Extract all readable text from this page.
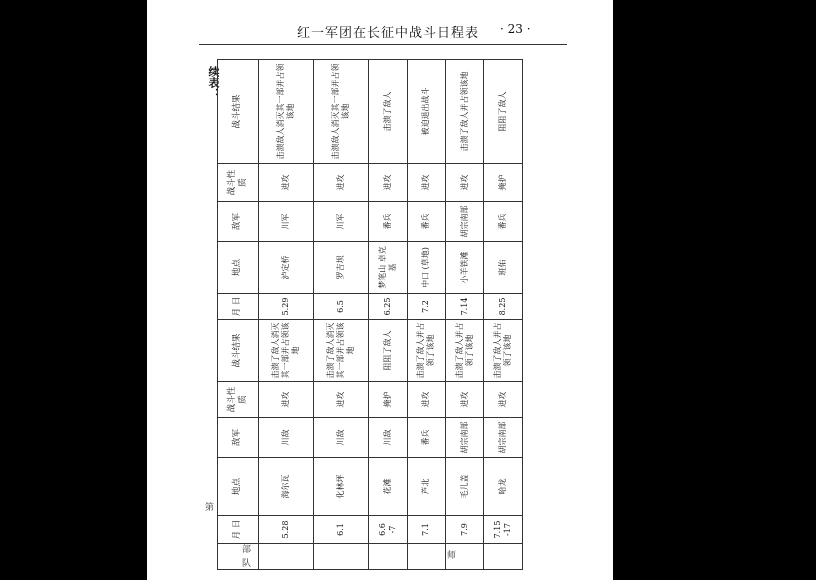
红一军团在长征中战斗日程表 · 23 ·
续表：
部
队
第
师
	月 日	地点	敌军	战斗性质	战斗结果	月 日	地点	敌军	战斗性质	战斗结果
	5.28	海尔瓦	川敌	进攻	击溃了敌人消灭其一部并占领该地	5.29	泸定桥	川军	进攻	击溃敌人消灭其一部并占领该地
	6.1	化林坪	川敌	进攻	击溃了敌人消灭其一部并占领该地	6.5	罗吉坝	川军	进攻	击溃敌人消灭其一部并占领该地
	6.6 -7	花滩	川敌	掩护	阻阻了敌人	6.25	梦笔山 卓克基	番兵	进攻	击溃了敌人
	7.1	芦北	番兵	进攻	击溃了敌人并占领了该地	7.2	中口 (草地)	番兵	进攻	被迫退出战斗
	7.9	毛儿盖	胡宗南部	进攻	击溃了敌人并占领了该地	7.14	小羊铁滩	胡宗南部	进攻	击溃了敌人并占领该地
	7.15 -17	哈龙	胡宗南部	进攻	击溃了敌人并占领了该地	8.25	班佑	番兵	掩护	阻阻了敌人
